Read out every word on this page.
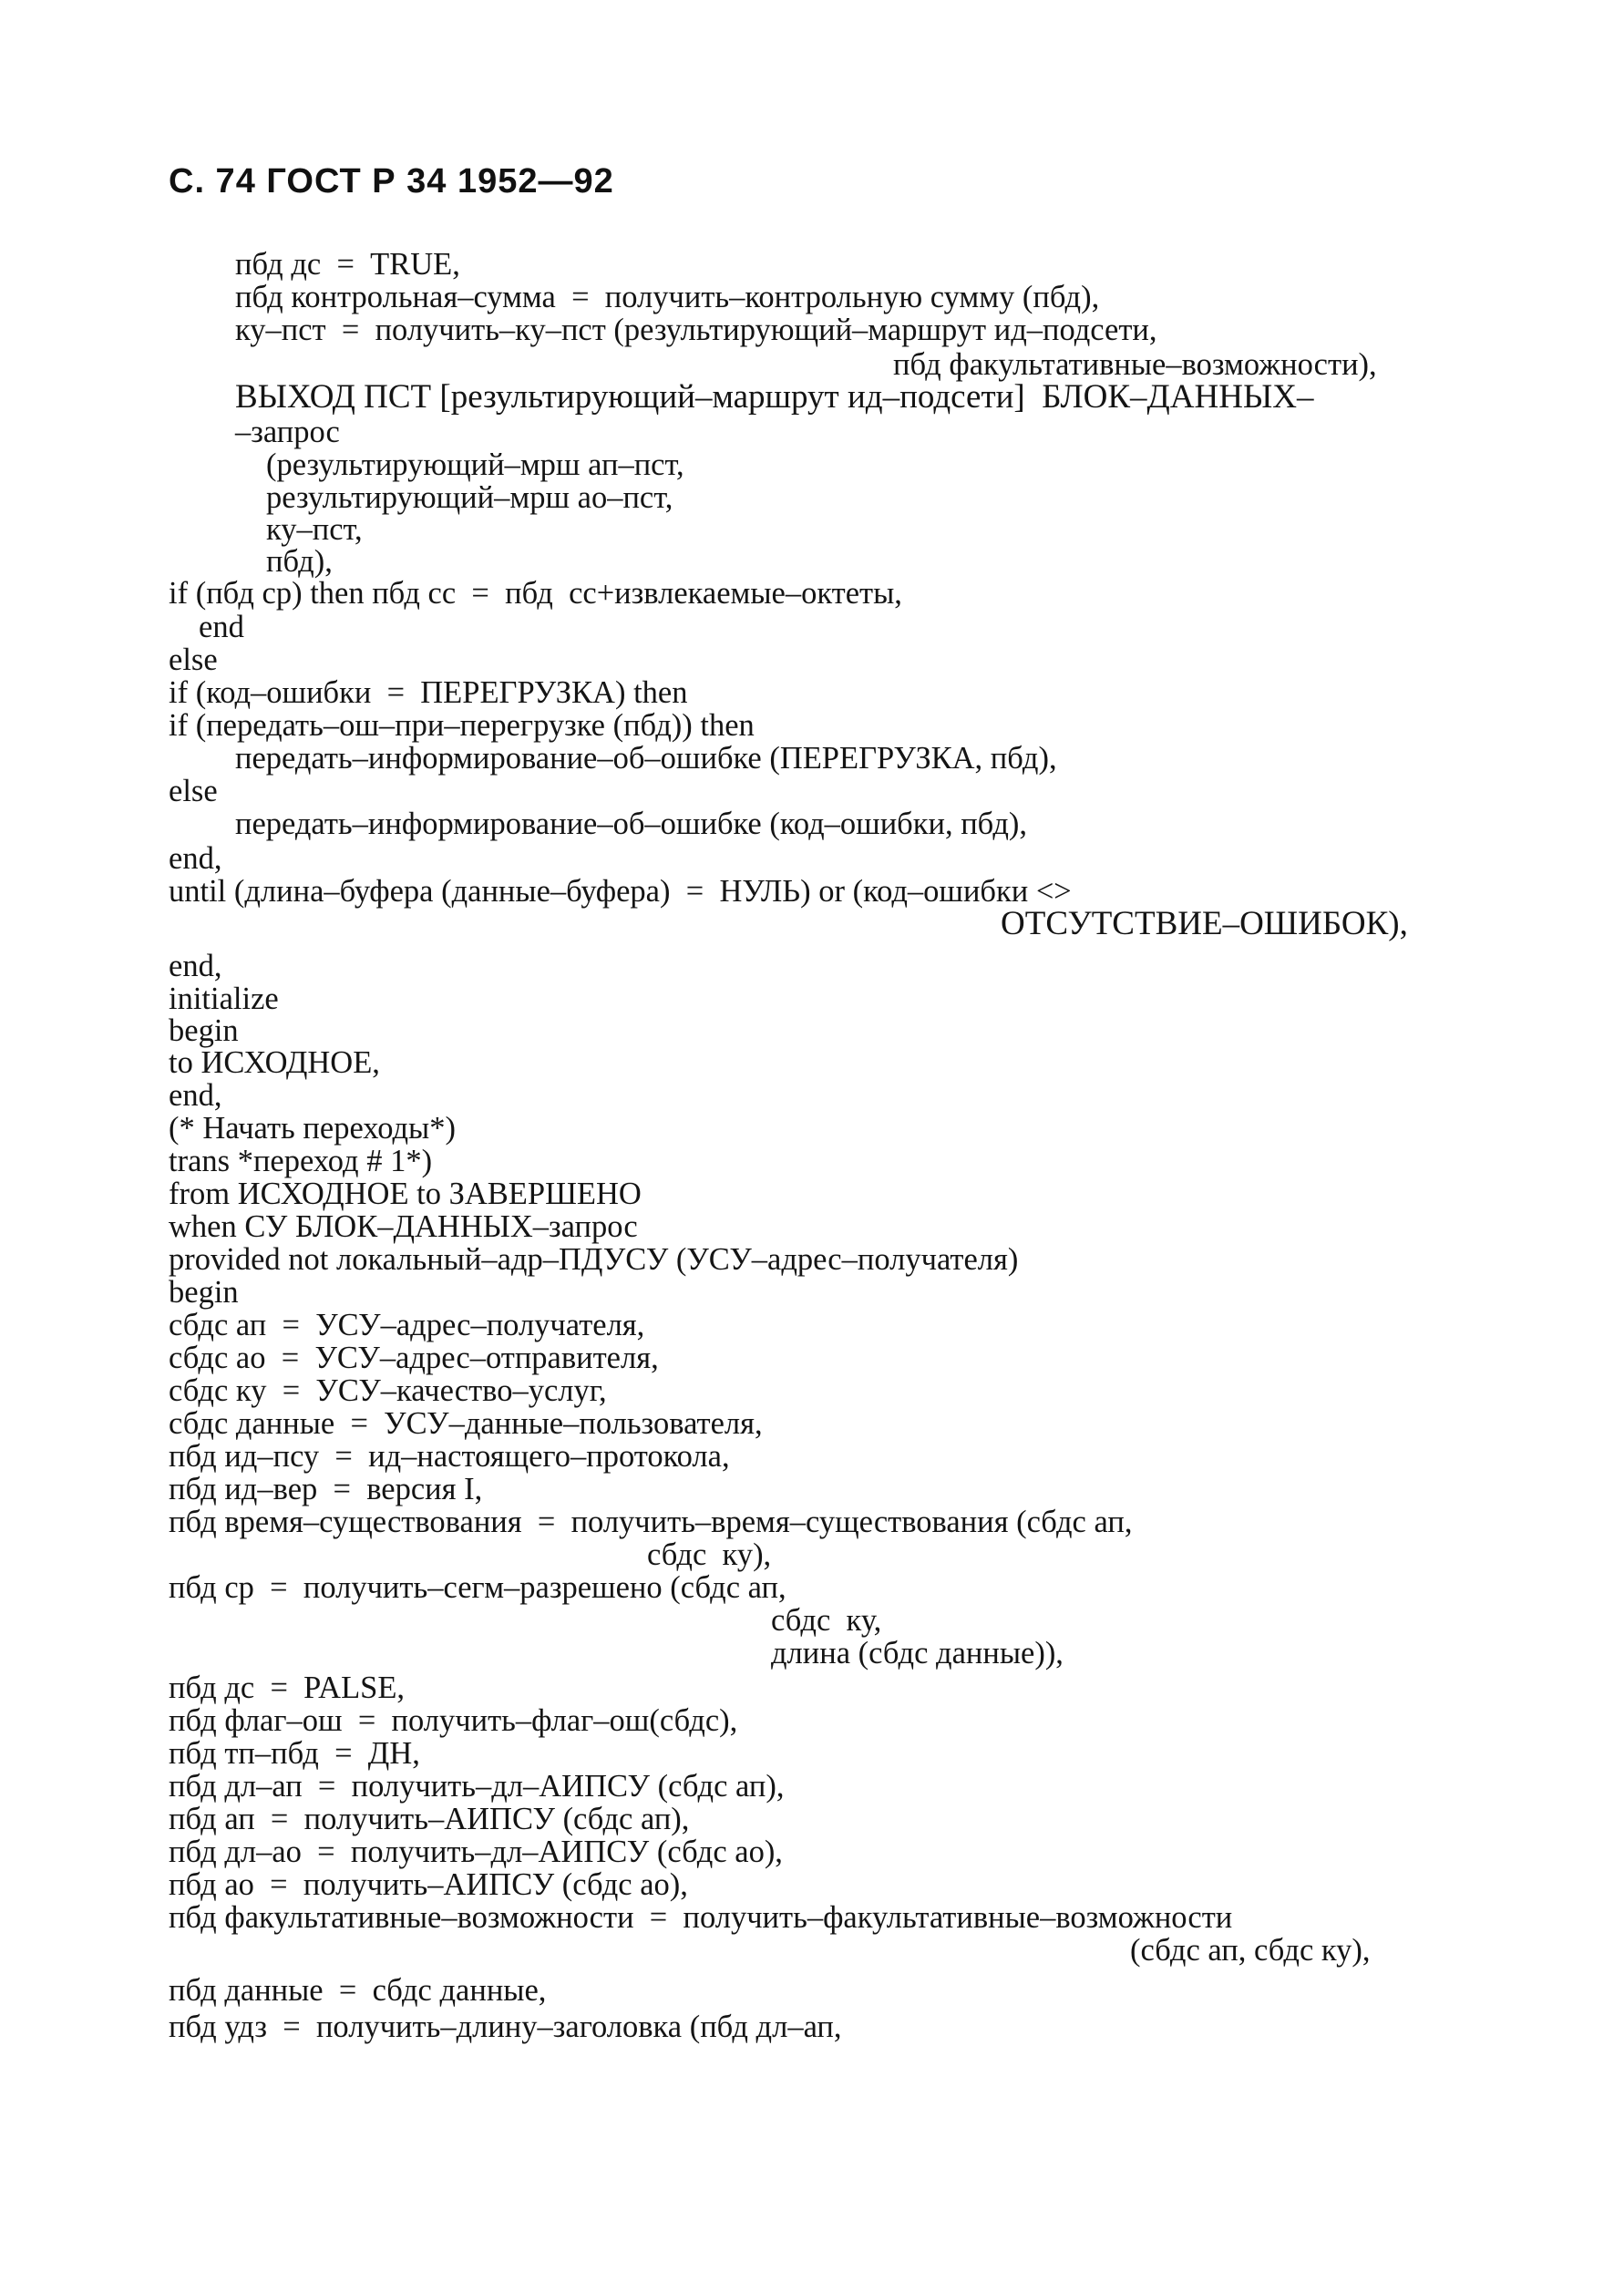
С. 74 ГОСТ Р 34 1952—92
пбд дс  =  TRUE,
пбд контрольная–сумма  =  получить–контрольную сумму (пбд),
ку–пст  =  получить–ку–пст (результирующий–маршрут ид–подсети,
пбд факультативные–возможности),
ВЫХОД ПСТ [результирующий–маршрут ид–подсети]  БЛОК–ДАННЫХ–
–запрос
(результирующий–мрш ап–пст,
результирующий–мрш ао–пст,
ку–пст,
пбд),
if (пбд ср) then пбд сс  =  пбд  сс+извлекаемые–октеты,
end
else
if (код–ошибки  =  ПЕРЕГРУЗКА) then
if (передать–ош–при–перегрузке (пбд)) then
передать–информирование–об–ошибке (ПЕРЕГРУЗКА, пбд),
else
передать–информирование–об–ошибке (код–ошибки, пбд),
end,
until (длина–буфера (данные–буфера)  =  НУЛЬ) or (код–ошибки <>
ОТСУТСТВИЕ–ОШИБОК),
end,
initialize
begin
to ИСХОДНОЕ,
end,
(* Начать переходы*)
trans *переход # 1*)
from ИСХОДНОЕ to ЗАВЕРШЕНО
when СУ БЛОК–ДАННЫХ–запрос
provided not локальный–адр–ПДУСУ (УСУ–адрес–получателя)
begin
сбдс ап  =  УСУ–адрес–получателя,
сбдс ао  =  УСУ–адрес–отправителя,
сбдс ку  =  УСУ–качество–услуг,
сбдс данные  =  УСУ–данные–пользователя,
пбд ид–псу  =  ид–настоящего–протокола,
пбд ид–вер  =  версия I,
пбд время–существования  =  получить–время–существования (сбдс ап,
сбдс  ку),
пбд ср  =  получить–сегм–разрешено (сбдс ап,
сбдс  ку,
длина (сбдс данные)),
пбд дс  =  PALSE,
пбд флаг–ош  =  получить–флаг–ош(сбдс),
пбд тп–пбд  =  ДН,
пбд дл–ап  =  получить–дл–АИПСУ (сбдс ап),
пбд ап  =  получить–АИПСУ (сбдс ап),
пбд дл–ао  =  получить–дл–АИПСУ (сбдс ао),
пбд ао  =  получить–АИПСУ (сбдс ао),
пбд факультативные–возможности  =  получить–факультативные–возможности
(сбдс ап, сбдс ку),
пбд данные  =  сбдс данные,
пбд удз  =  получить–длину–заголовка (пбд дл–ап,
